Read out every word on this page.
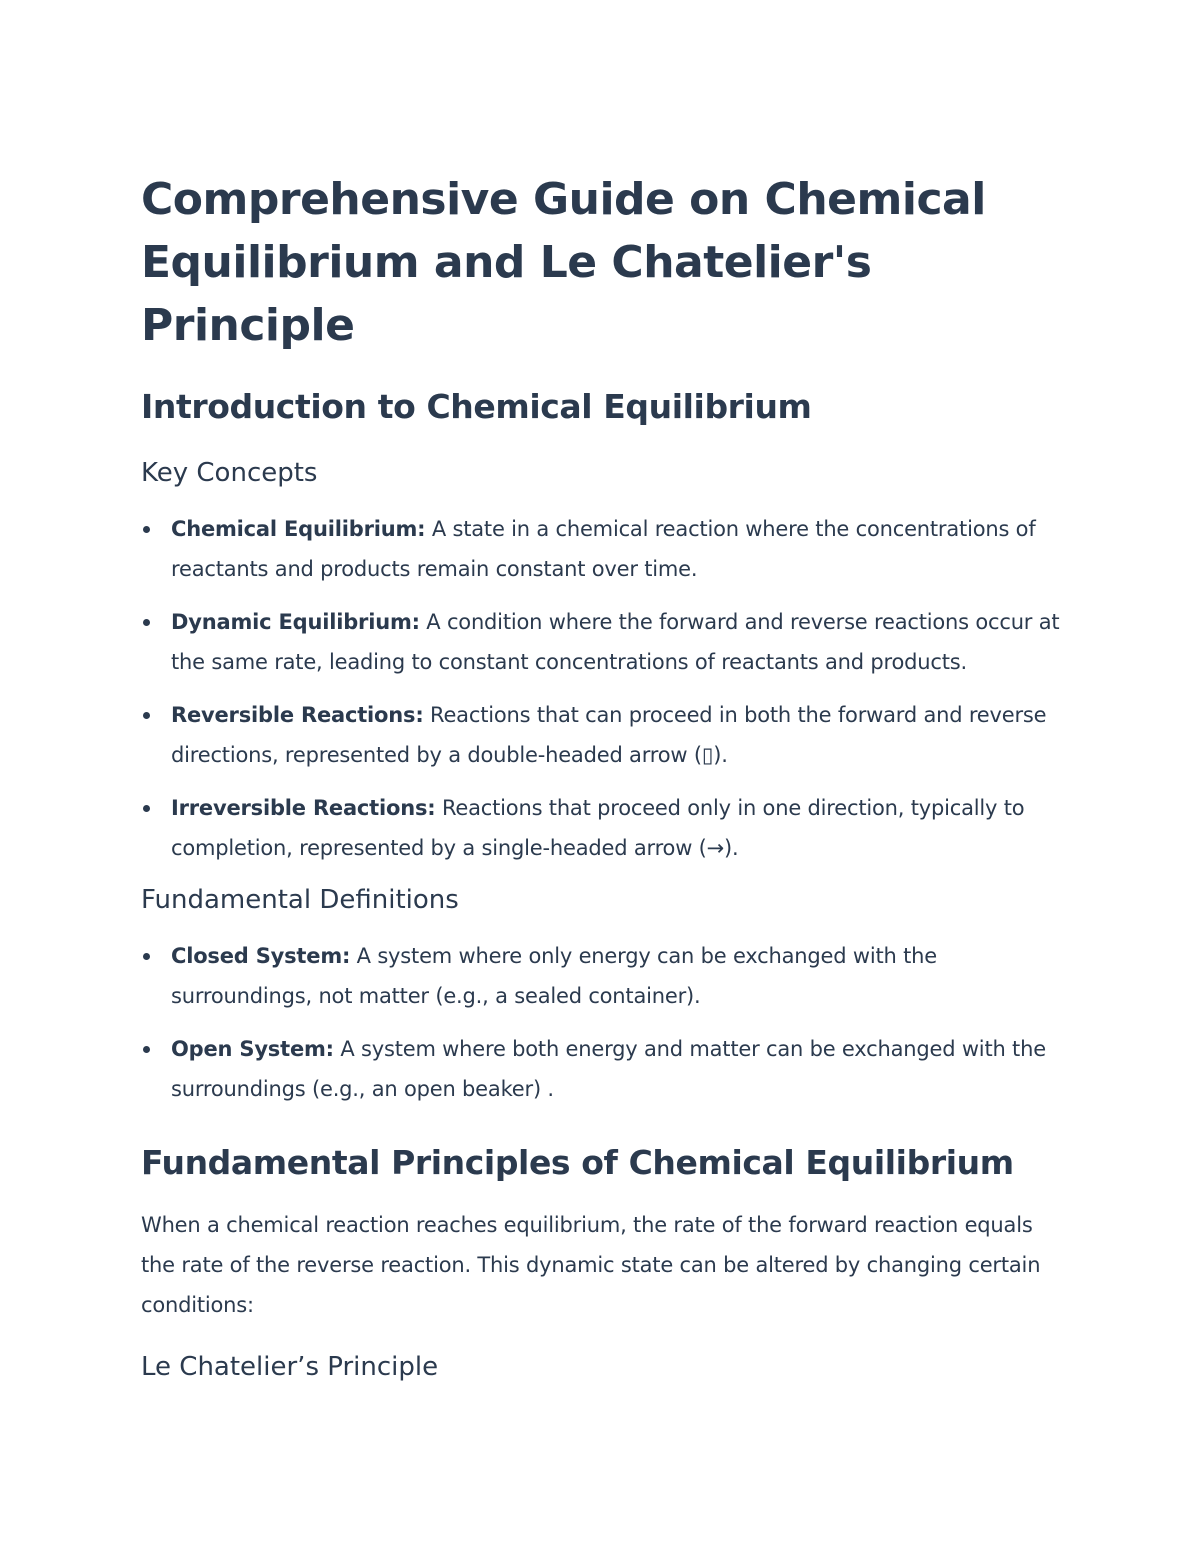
Comprehensive Guide on Chemical Equilibrium and Le Chatelier's Principle
Introduction to Chemical Equilibrium
Key Concepts
Chemical Equilibrium: A state in a chemical reaction where the concentrations of reactants and products remain constant over time.
Dynamic Equilibrium: A condition where the forward and reverse reactions occur at the same rate, leading to constant concentrations of reactants and products.
Reversible Reactions: Reactions that can proceed in both the forward and reverse directions, represented by a double-headed arrow (▯).
Irreversible Reactions: Reactions that proceed only in one direction, typically to completion, represented by a single-headed arrow (→).
Fundamental Definitions
Closed System: A system where only energy can be exchanged with the surroundings, not matter (e.g., a sealed container).
Open System: A system where both energy and matter can be exchanged with the surroundings (e.g., an open beaker) .
Fundamental Principles of Chemical Equilibrium

When a chemical reaction reaches equilibrium, the rate of the forward reaction equals the rate of the reverse reaction. This dynamic state can be altered by changing certain conditions:

Le Chatelier’s Principle
